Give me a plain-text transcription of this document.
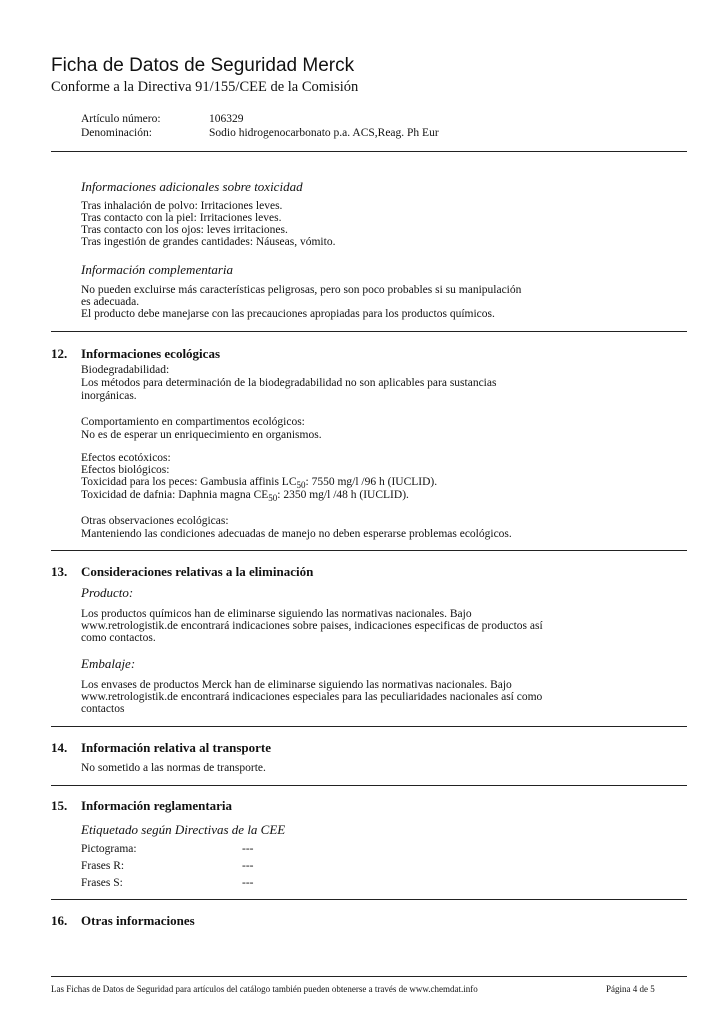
Ficha de Datos de Seguridad Merck
Conforme a la Directiva 91/155/CEE de la Comisión
Artículo número:	106329
Denominación:	Sodio hidrogenocarbonato p.a. ACS,Reag. Ph Eur
Informaciones adicionales sobre toxicidad
Tras inhalación de polvo: Irritaciones leves.
Tras contacto con la piel: Irritaciones leves.
Tras contacto con los ojos: leves irritaciones.
Tras ingestión de grandes cantidades: Náuseas, vómito.
Información complementaria
No pueden excluirse más características peligrosas, pero son poco probables si su manipulación
es adecuada.
El producto debe manejarse con las precauciones apropiadas para los productos químicos.
12. Informaciones ecológicas
Biodegradabilidad:
Los métodos para determinación de la biodegradabilidad no son aplicables para sustancias
inorgánicas.
Comportamiento en compartimentos ecológicos:
No es de esperar un enriquecimiento en organismos.
Efectos ecotóxicos:
Efectos biológicos:
Toxicidad para los peces: Gambusia affinis $LC_{50}$: 7550 mg/l /96 h (IUCLID).
Toxicidad de dafnia: Daphnia magna $CE_{50}$: 2350 mg/l /48 h (IUCLID).
Otras observaciones ecológicas:
Manteniendo las condiciones adecuadas de manejo no deben esperarse problemas ecológicos.
13. Consideraciones relativas a la eliminación
Producto:
Los productos químicos han de eliminarse siguiendo las normativas nacionales. Bajo
www.retrologistik.de encontrará indicaciones sobre paises, indicaciones especificas de productos así
como contactos.
Embalaje:
Los envases de productos Merck han de eliminarse siguiendo las normativas nacionales. Bajo
www.retrologistik.de encontrará indicaciones especiales para las peculiaridades nacionales así como
contactos
14. Información relativa al transporte
No sometido a las normas de transporte.
15. Información reglamentaria
Etiquetado según Directivas de la CEE
Pictograma:	---
Frases R:	---
Frases S:	---
16. Otras informaciones
Las Fichas de Datos de Seguridad para artículos del catálogo también pueden obtenerse a través de www.chemdat.info	Página 4 de 5
